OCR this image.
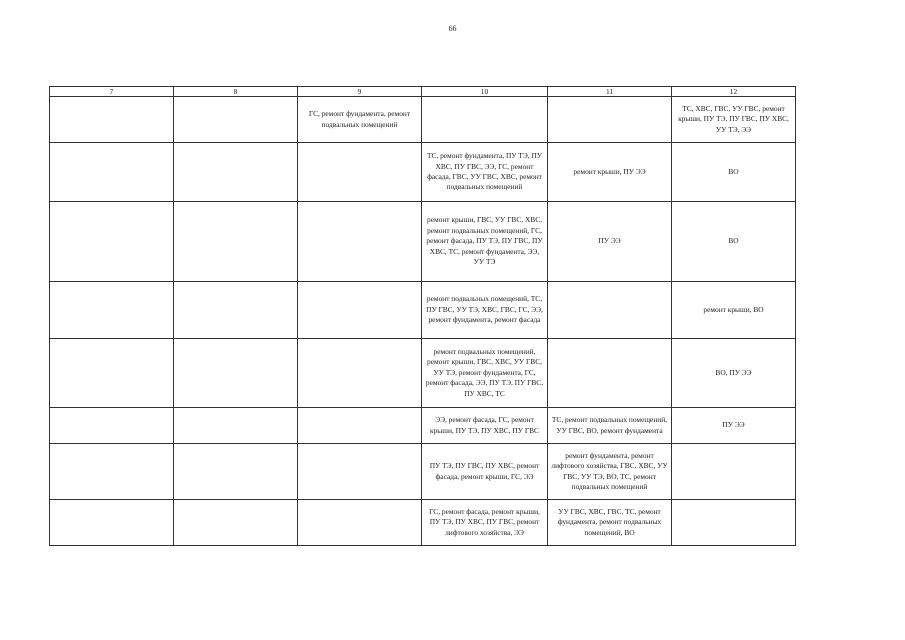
66
7	8	9	10	11	12
		ГС, ремонт фундамента, ремонт подвальных помещений			ТС, ХВС, ГВС, УУ ГВС, ремонт крыши, ПУ ТЭ, ПУ ГВС, ПУ ХВС, УУ ТЭ, ЭЭ
			ТС, ремонт фундамента, ПУ ТЭ, ПУ ХВС, ПУ ГВС, ЭЭ, ГС, ремонт фасада, ГВС, УУ ГВС, ХВС, ремонт подвальных помещений	ремонт крыши, ПУ ЭЭ	ВО
			ремонт крыши, ГВС, УУ ГВС, ХВС, ремонт подвальных помещений, ГС, ремонт фасада, ПУ ТЭ, ПУ ГВС, ПУ ХВС, ТС, ремонт фундамента, ЭЭ, УУ ТЭ	ПУ ЭЭ	ВО
			ремонт подвальных помещений, ТС, ПУ ГВС, УУ ТЭ, ХВС, ГВС, ГС, ЭЭ, ремонт фундамента, ремонт фасада		ремонт крыши, ВО
			ремонт подвальных помещений, ремонт крыши, ГВС, ХВС, УУ ГВС, УУ ТЭ, ремонт фундамента, ГС, ремонт фасада, ЭЭ, ПУ ТЭ, ПУ ГВС, ПУ ХВС, ТС		ВО, ПУ ЭЭ
			ЭЭ, ремонт фасада, ГС, ремонт крыши, ПУ ТЭ, ПУ ХВС, ПУ ГВС	ТС, ремонт подвальных помещений, УУ ГВС, ВО, ремонт фундамента	ПУ ЭЭ
			ПУ ТЭ, ПУ ГВС, ПУ ХВС, ремонт фасада, ремонт крыши, ГС, ЭЭ	ремонт фундамента, ремонт лифтового хозяйства, ГВС, ХВС, УУ ГВС, УУ ТЭ, ВО, ТС, ремонт подвальных помещений	
			ГС, ремонт фасада, ремонт крыши, ПУ ТЭ, ПУ ХВС, ПУ ГВС, ремонт лифтового хозяйства, ЭЭ	УУ ГВС, ХВС, ГВС, ТС, ремонт фундамента, ремонт подвальных помещений, ВО	
